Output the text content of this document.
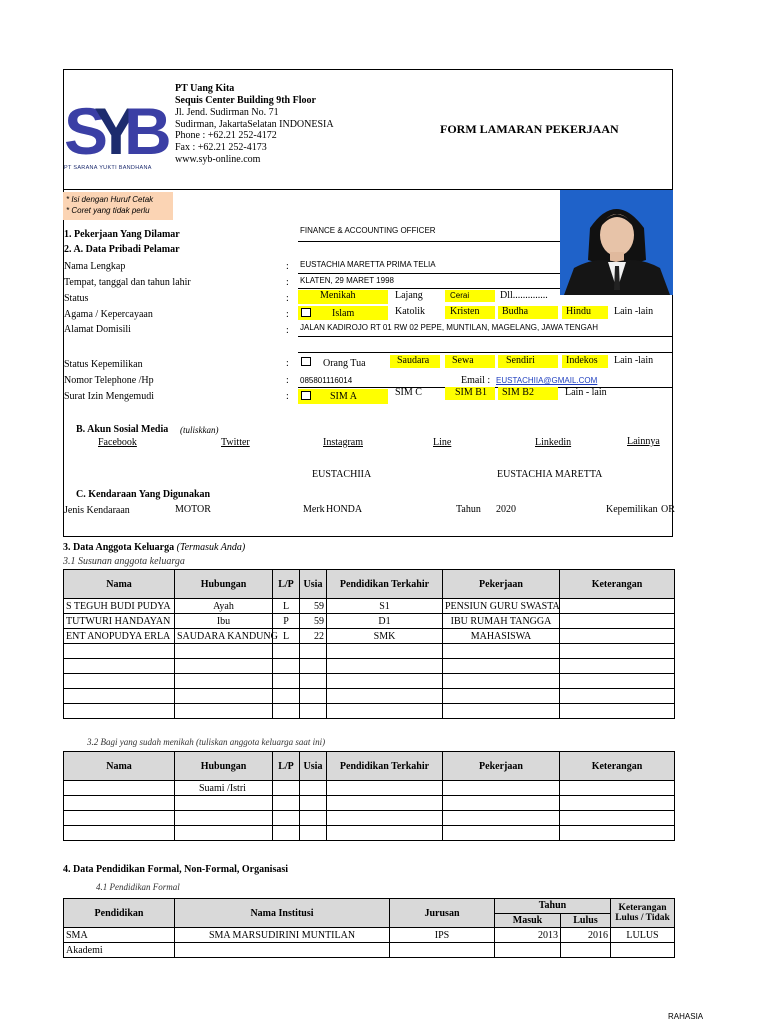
S
Y
B
PT SARANA YUKTI BANDHANA
PT Uang Kita
Sequis Center Building 9th Floor
Jl. Jend. Sudirman No. 71
Sudirman, JakartaSelatan INDONESIA
Phone : +62.21 252-4172
Fax : +62.21 252-4173
www.syb-online.com
FORM LAMARAN PEKERJAAN
* Isi dengan Huruf Cetak
* Coret yang tidak perlu
1. Pekerjaan Yang Dilamar	FINANCE & ACCOUNTING OFFICER
2. A. Data Pribadi Pelamar
Nama Lengkap	: EUSTACHIA MARETTA PRIMA TELIA
Tempat, tanggal dan tahun lahir	: KLATEN, 29 MARET 1998
Status	:	Menikah	Lajang	Cerai	Dll..............
Agama / Kepercayaan	:	Islam	Katolik	Kristen Budha	Hindu Lain -lain
Alamat Domisili	: JALAN KADIROJO RT 01 RW 02 PEPE, MUNTILAN, MAGELANG, JAWA TENGAH
Status Kepemilikan	:	Orang Tua	Saudara Sewa	Sendiri	Indekos Lain -lain
Nomor Telephone /Hp	: 085801116014	Email : EUSTACHIIA@GMAIL.COM
Surat Izin Mengemudi	:	SIM A	SIM C	SIM B1 SIM B2	Lain - lain
B. Akun Sosial Media (tuliskkan)
Facebook	Twitter	Instagram	Line	Linkedin	Lainnya
EUSTACHIIA	EUSTACHIA MARETTA
C. Kendaraan Yang Digunakan
Jenis Kendaraan	MOTOR	Merk HONDA	Tahun 2020	Kepemilikan OR
3. Data Anggota Keluarga (Termasuk Anda)
3.1 Susunan anggota keluarga
Nama	Hubungan	L/P	Usia	Pendidikan Terkahir	Pekerjaan	Keterangan
S TEGUH BUDI PUDYA	Ayah	L	59	S1	PENSIUN GURU SWASTA	
TUTWURI HANDAYAN	Ibu	P	59	D1	IBU RUMAH TANGGA	
ENT ANOPUDYA ERLA	SAUDARA KANDUNG	L	22	SMK	MAHASISWA	

3.2 Bagi yang sudah menikah (tuliskan anggota keluarga saat ini)
Nama	Hubungan	L/P	Usia	Pendidikan Terkahir	Pekerjaan	Keterangan
	Suami /Istri					

4. Data Pendidikan Formal, Non-Formal, Organisasi
4.1 Pendidikan Formal
Pendidikan	Nama Institusi	Jurusan	Tahun		Keterangan Lulus / Tidak
			Masuk	Lulus	
SMA	SMA MARSUDIRINI MUNTILAN	IPS	2013	2016	LULUS
Akademi					
RAHASIA
